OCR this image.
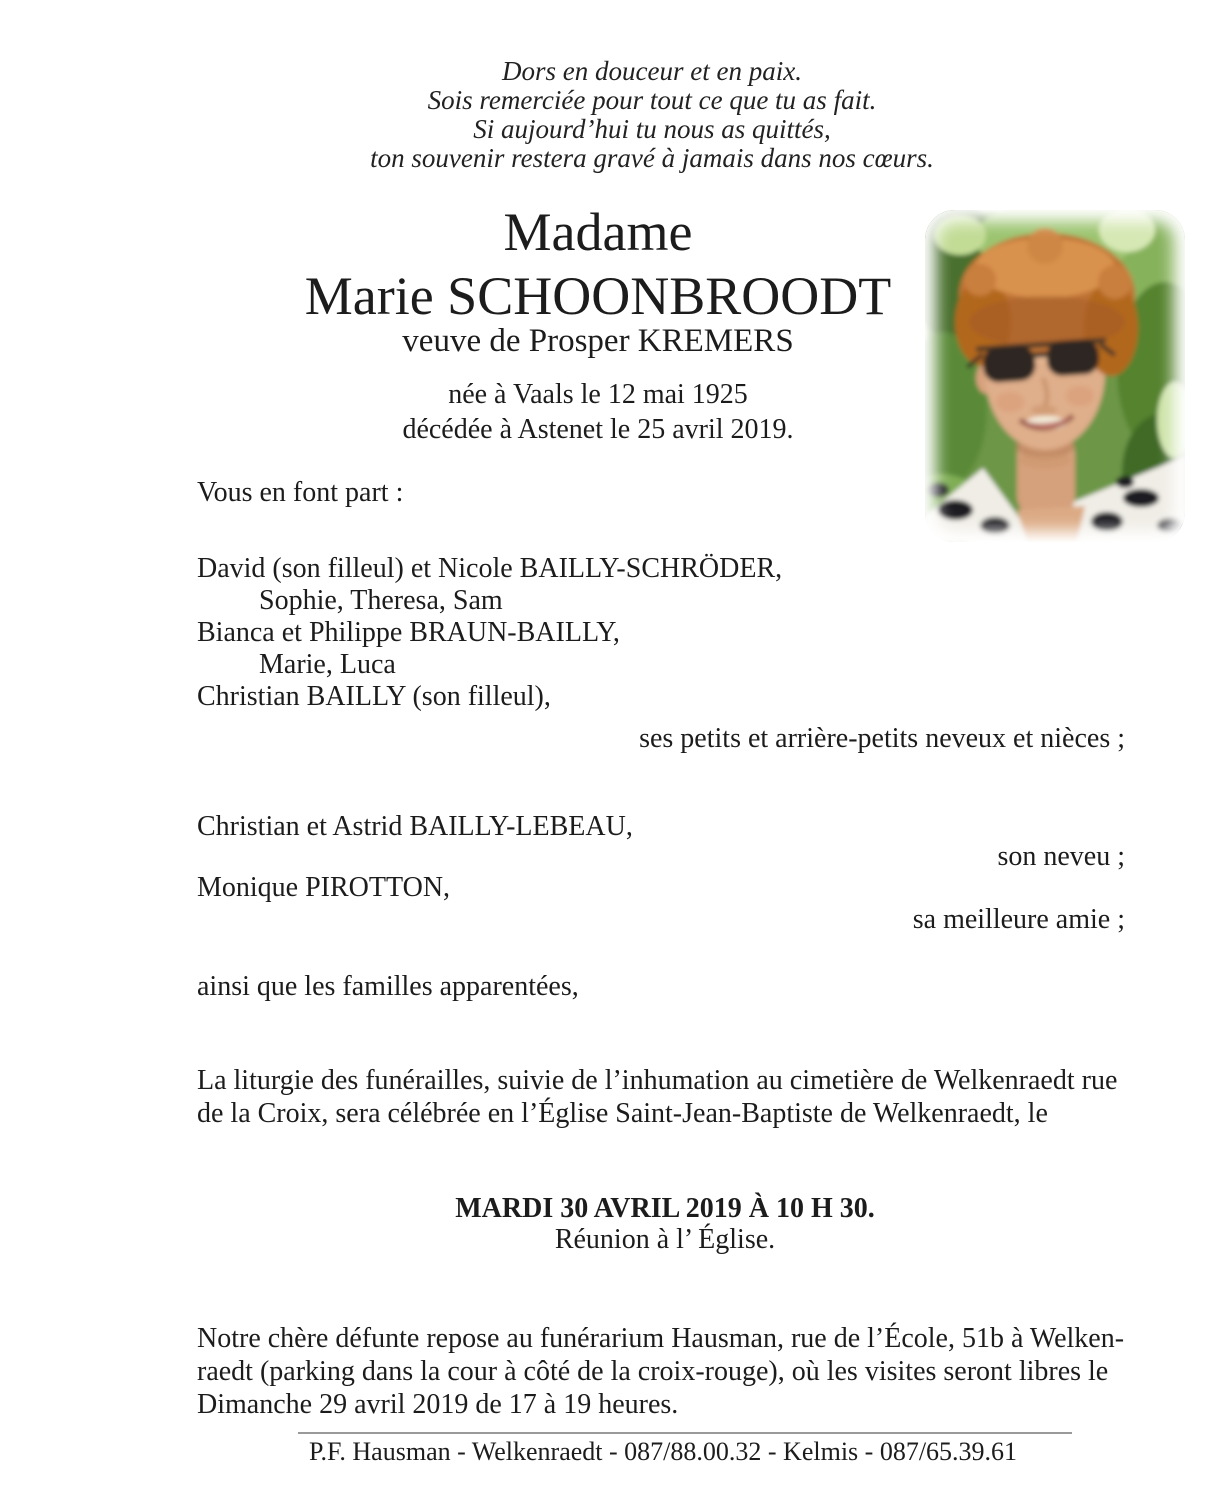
Dors en douceur et en paix.
Sois remerciée pour tout ce que tu as fait.
Si aujourd’hui tu nous as quittés,
ton souvenir restera gravé à jamais dans nos cœurs.
Madame
Marie SCHOONBROODT
veuve de Prosper KREMERS
née à Vaals le 12 mai 1925
décédée à Astenet le 25 avril 2019.
Vous en font part :
David (son filleul) et Nicole BAILLY-SCHRÖDER,
Sophie, Theresa, Sam
Bianca et Philippe BRAUN-BAILLY,
Marie, Luca
Christian BAILLY (son filleul),
ses petits et arrière-petits neveux et nièces ;
Christian et Astrid BAILLY-LEBEAU,
son neveu ;
Monique PIROTTON,
sa meilleure amie ;
ainsi que les familles apparentées,
La liturgie des funérailles, suivie de l’inhumation au cimetière de Welkenraedt rue
de la Croix, sera célébrée en l’Église Saint-Jean-Baptiste de Welkenraedt, le
MARDI 30 AVRIL 2019 À 10 H 30.
Réunion à l’ Église.
Notre chère défunte repose au funérarium Hausman, rue de l’École, 51b à Welken-
raedt (parking dans la cour à côté de la croix-rouge), où les visites seront libres le
Dimanche 29 avril 2019 de 17 à 19 heures.
P.F. Hausman - Welkenraedt - 087/88.00.32 - Kelmis - 087/65.39.61
